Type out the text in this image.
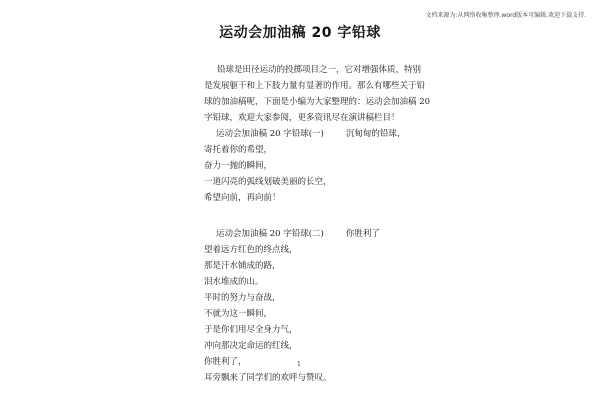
文档来源为:从网络收集整理.word版本可编辑.欢迎下载支持.
运动会加油稿 20 字铅球

铅球是田径运动的投掷项目之一，它对增强体质，特别

是发展躯干和上下肢力量有显著的作用。那么有哪些关于铅

球的加油稿呢，下面是小编为大家整理的：运动会加油稿 20

字铅球，欢迎大家参阅，更多资讯尽在演讲稿栏目！

运动会加油稿 20 字铅球(一)	沉甸甸的铅球，

寄托着你的希望，

奋力一抛的瞬间，

一道闪亮的弧线划破美丽的长空，

希望向前，再向前！

运动会加油稿 20 字铅球(二)	你胜利了

望着远方红色的终点线，

那是汗水铺成的路，

泪水堆成的山。

平时的努力与奋战，

不就为这一瞬间，

于是你们用尽全身力气，

冲向那决定命运的红线，

你胜利了，

耳旁飘来了同学们的欢呼与赞叹。

1
